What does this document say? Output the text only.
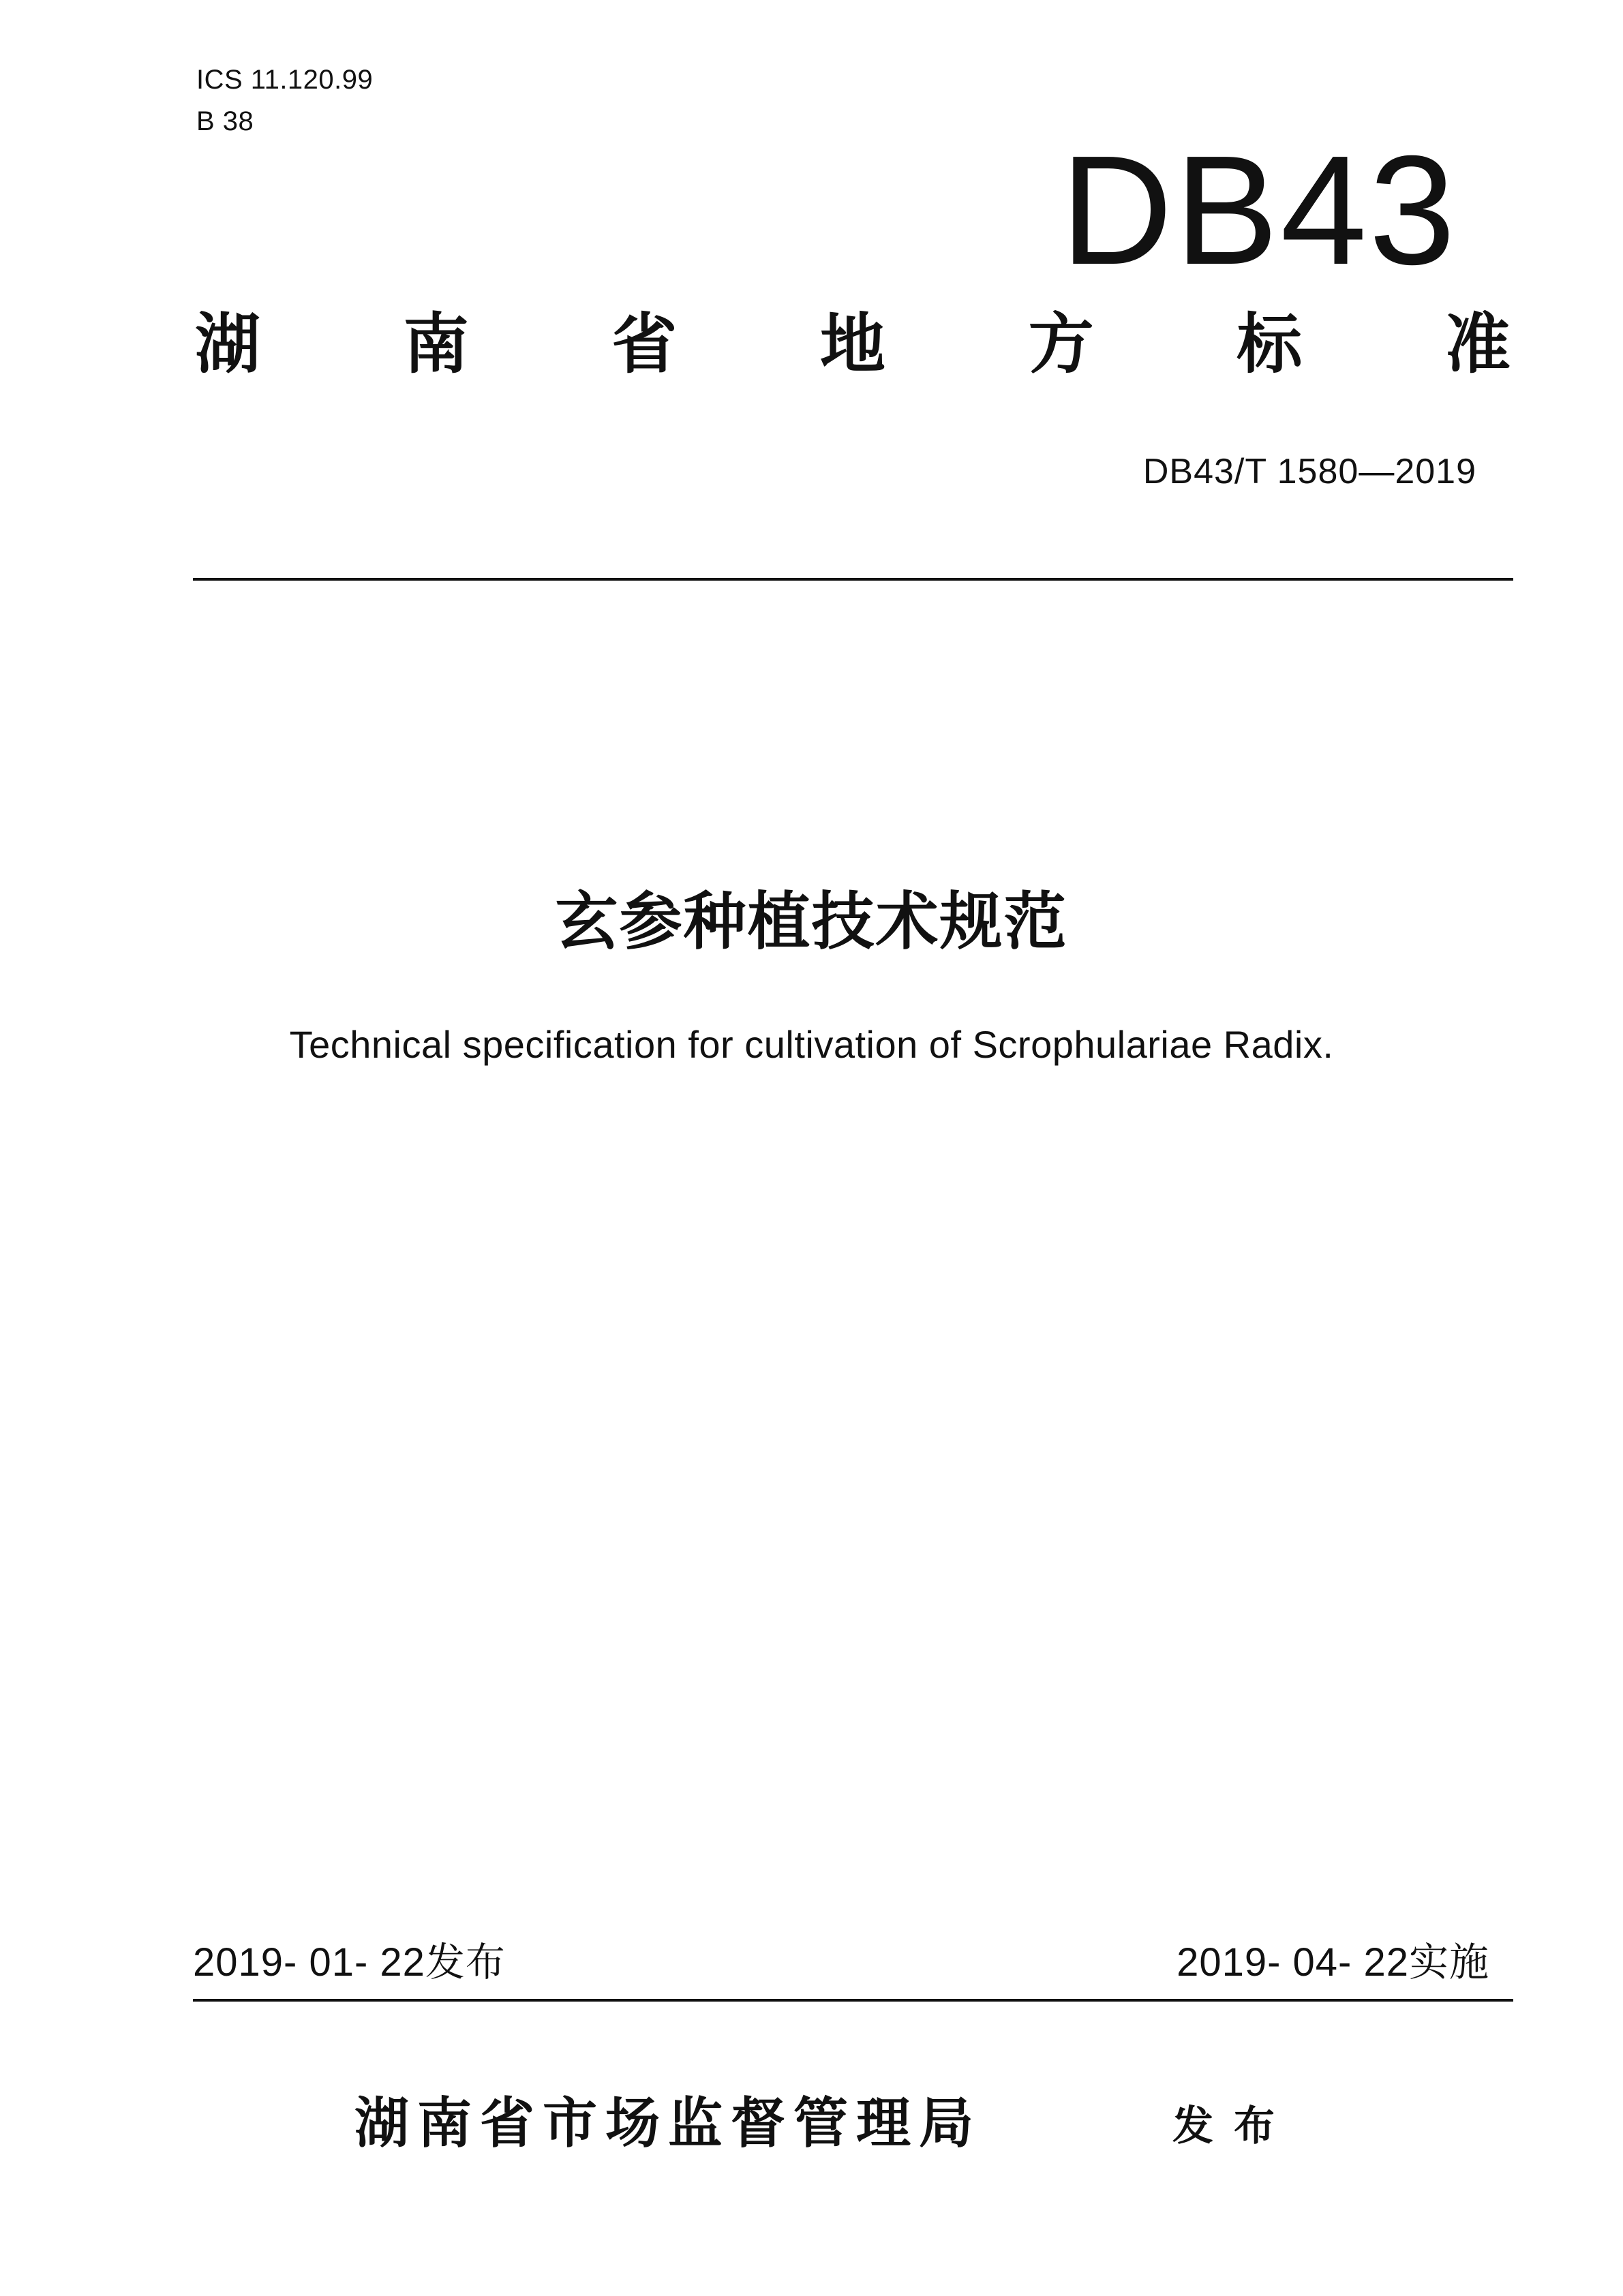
ICS 11.120.99

B 38

DB43

湖 南 省 地 方 标 准

DB43/T 1580—2019

玄参种植技术规范

Technical specification for cultivation of Scrophulariae Radix.

2019- 01- 22发布	2019- 04- 22实施

湖南省市场监督管理局	发布
